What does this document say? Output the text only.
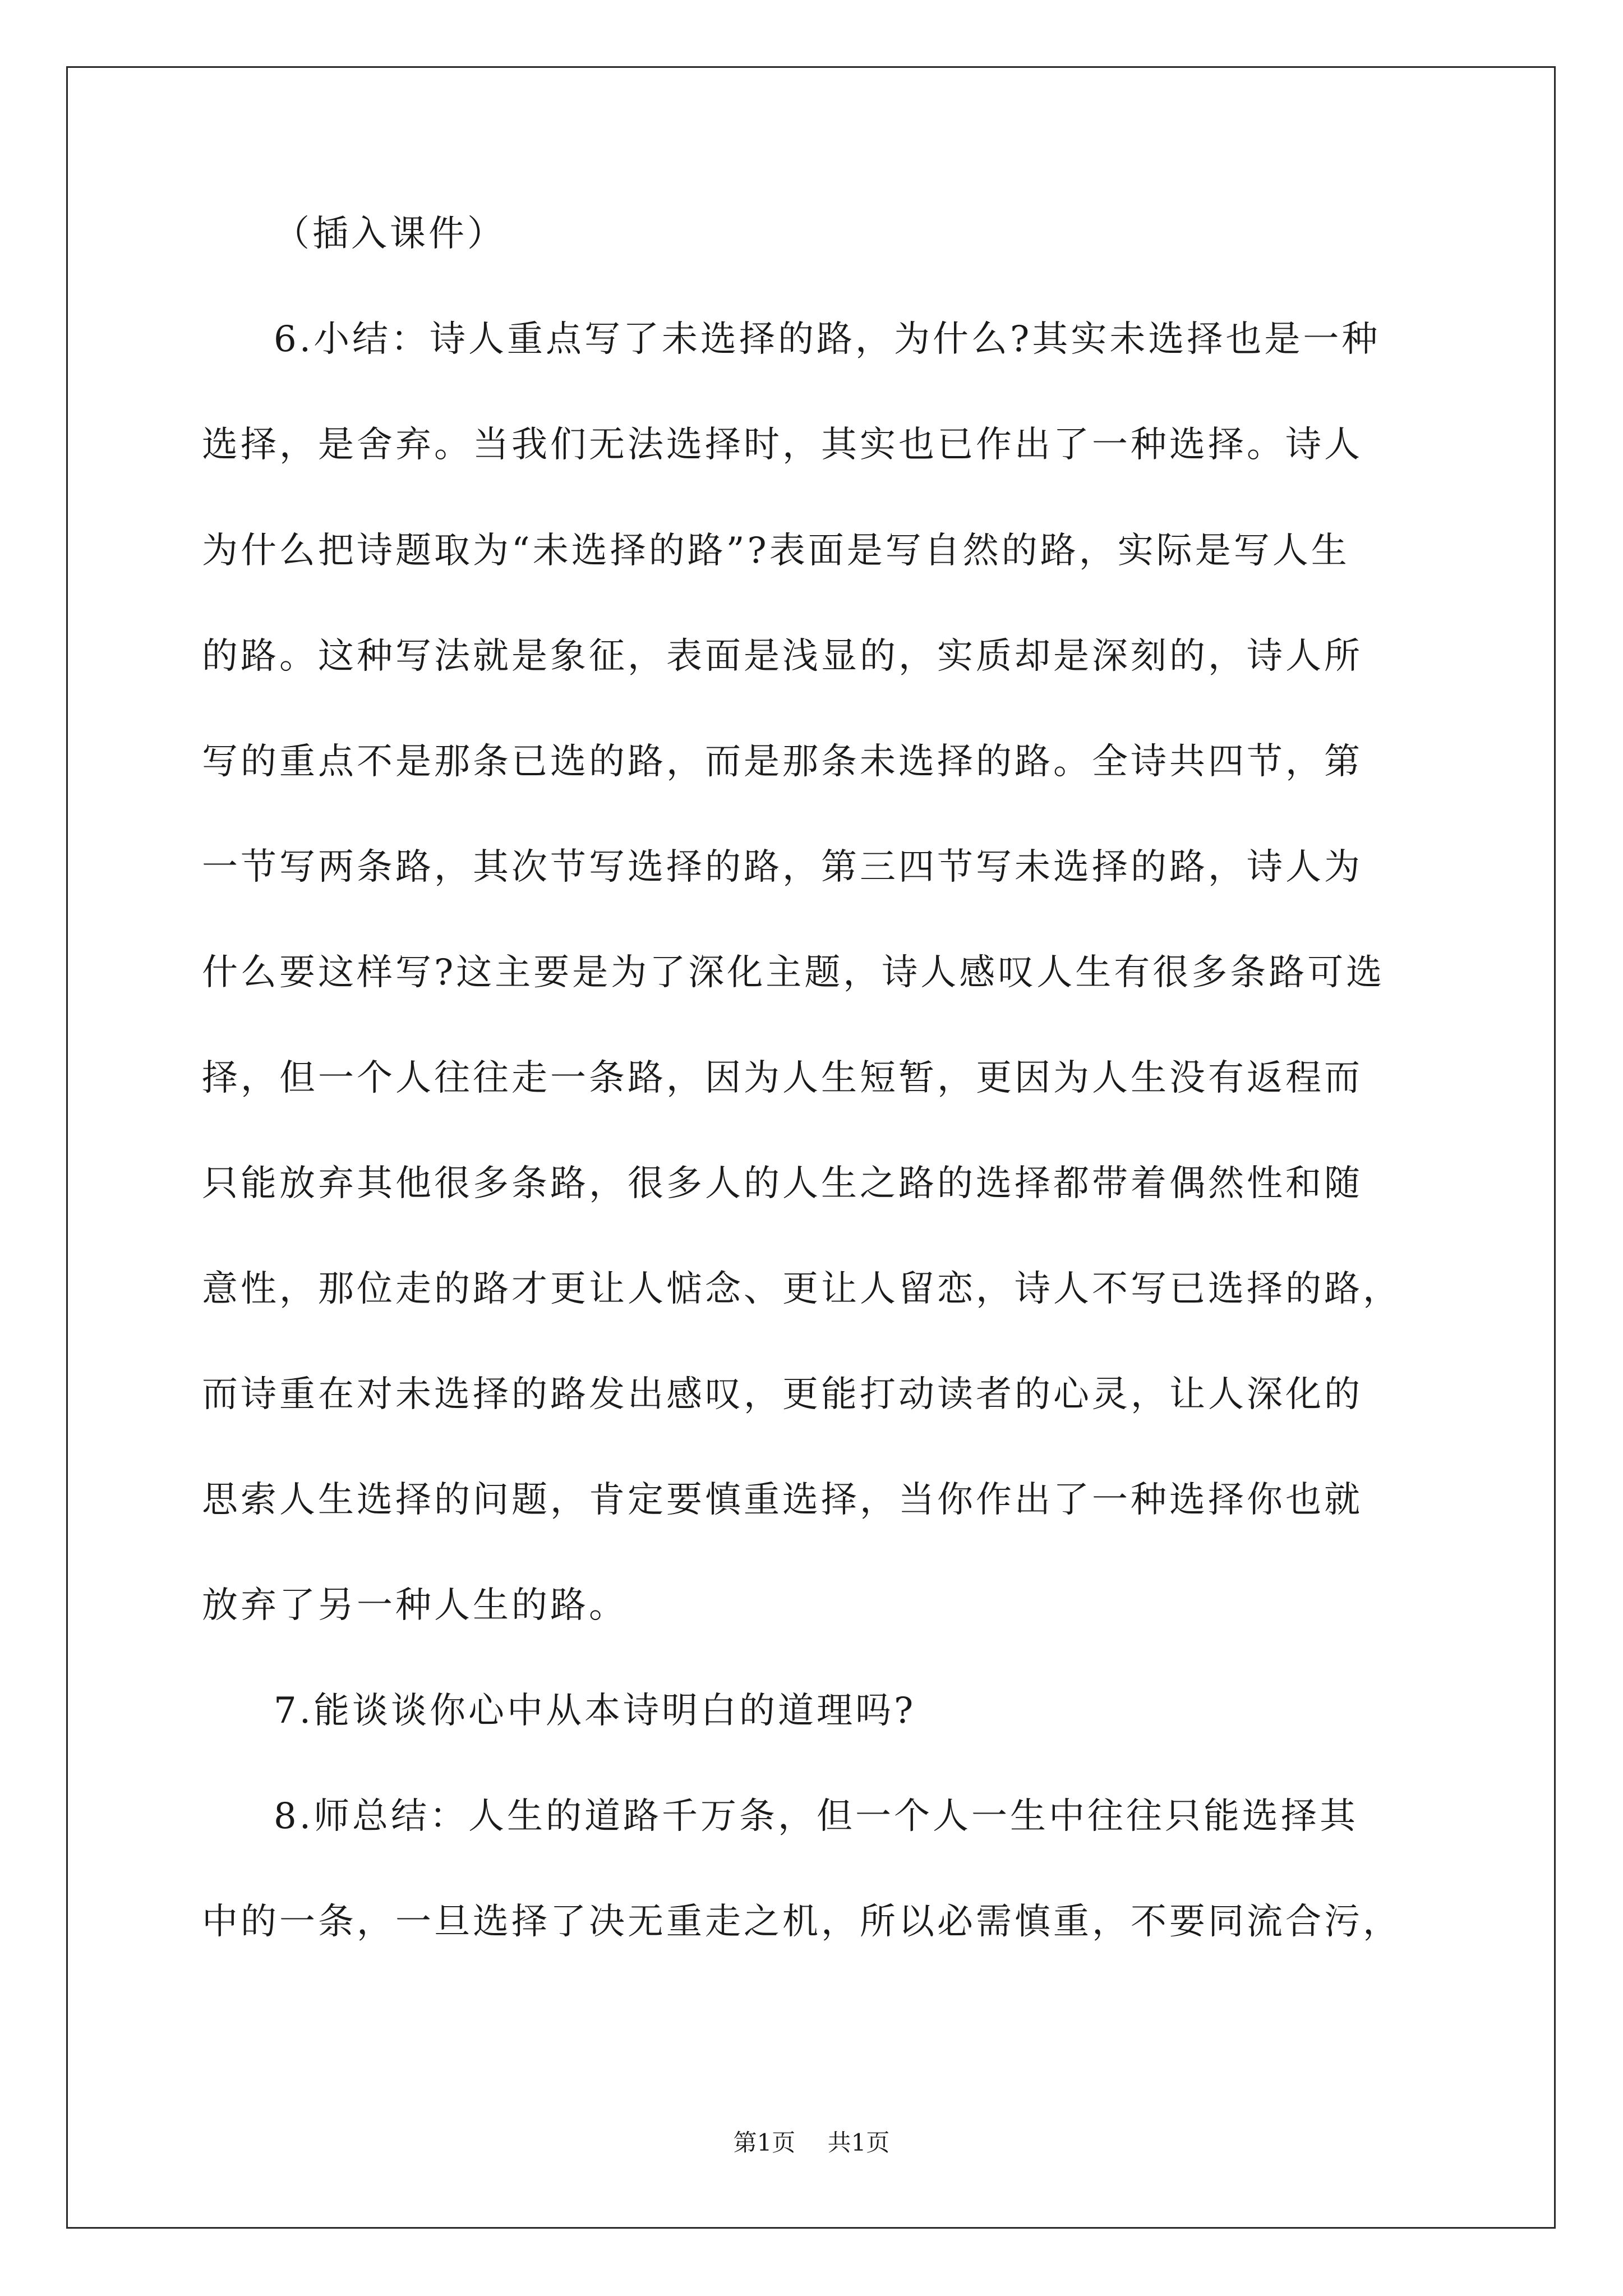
（插入课件）
6.小结：诗人重点写了未选择的路，为什么?其实未选择也是一种
选择，是舍弃。当我们无法选择时，其实也已作出了一种选择。诗人
为什么把诗题取为“未选择的路”?表面是写自然的路，实际是写人生
的路。这种写法就是象征，表面是浅显的，实质却是深刻的，诗人所
写的重点不是那条已选的路，而是那条未选择的路。全诗共四节，第
一节写两条路，其次节写选择的路，第三四节写未选择的路，诗人为
什么要这样写?这主要是为了深化主题，诗人感叹人生有很多条路可选
择，但一个人往往走一条路，因为人生短暂，更因为人生没有返程而
只能放弃其他很多条路，很多人的人生之路的选择都带着偶然性和随
意性，那位走的路才更让人惦念、更让人留恋，诗人不写已选择的路，
而诗重在对未选择的路发出感叹，更能打动读者的心灵，让人深化的
思索人生选择的问题，肯定要慎重选择，当你作出了一种选择你也就
放弃了另一种人生的路。
7.能谈谈你心中从本诗明白的道理吗?
8.师总结：人生的道路千万条，但一个人一生中往往只能选择其
中的一条，一旦选择了决无重走之机，所以必需慎重，不要同流合污，
第1页 共1页
